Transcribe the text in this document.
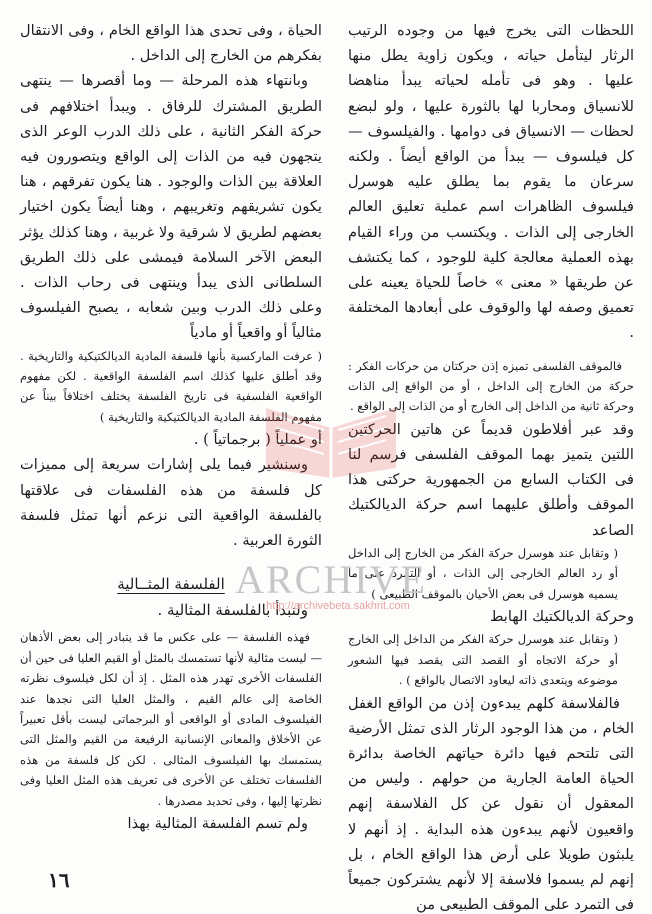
اللحظات التى يخرج فيها من وجوده الرتيب الرثار ليتأمل حياته ، ويكون زاوية يطل منها عليها . وهو فى تأمله لحياته يبدأ مناهضا للانسياق ومحاربا لها بالثورة عليها ، ولو لبضع لحظات — الانسياق فى دوامها . والفيلسوف — كل فيلسوف — يبدأ من الواقع أيضاً . ولكنه سرعان ما يقوم بما يطلق عليه هوسرل فيلسوف الظاهرات اسم عملية تعليق العالم الخارجى إلى الذات . ويكتسب من وراء القيام بهذه العملية معالجة كلية للوجود ، كما يكتشف عن طريقها « معنى » خاصاً للحياة يعينه على تعميق وصفه لها والوقوف على أبعادها المختلفة .

فالموقف الفلسفى تميزه إذن حركتان من حركات الفكر : حركة من الخارج إلى الداخل ، أو من الواقع إلى الذات وحركة ثانية من الداخل إلى الخارج أو من الذات إلى الواقع .

وقد عبر أفلاطون قديماً عن هاتين الحركتين اللتين يتميز بهما الموقف الفلسفى فرسم لنا فى الكتاب السابع من الجمهورية حركتى هذا الموقف وأطلق عليهما اسم حركة الديالكتيك الصاعد

( وتقابل عند هوسرل حركة الفكر من الخارج إلى الداخل أو رد العالم الخارجى إلى الذات ، أو التمرد على ما يسميه هوسرل فى بعض الأحيان بالموقف الطبيعى )

وحركة الديالكتيك الهابط

( وتقابل عند هوسرل حركة الفكر من الداخل إلى الخارج أو حركة الاتجاه أو القصد التى يقصد فيها الشعور موضوعه ويتعدى ذاته ليعاود الاتصال بالواقع ) .

فالفلاسفة كلهم يبدءون إذن من الواقع الغفل الخام ، من هذا الوجود الرثار الذى تمثل الأرضية التى تلتحم فيها دائرة حياتهم الخاصة بدائرة الحياة العامة الجارية من حولهم . وليس من المعقول أن نقول عن كل الفلاسفة إنهم واقعيون لأنهم يبدءون هذه البداية . إذ أنهم لا يلبثون طويلا على أرض هذا الواقع الخام ، بل إنهم لم يسموا فلاسفة إلا لأنهم يشتركون جميعاً فى التمرد على الموقف الطبيعى من

الحياة ، وفى تحدى هذا الواقع الخام ، وفى الانتقال بفكرهم من الخارج إلى الداخل .

وبانتهاء هذه المرحلة — وما أقصرها — ينتهى الطريق المشترك للرفاق . ويبدأ اختلافهم فى حركة الفكر الثانية ، على ذلك الدرب الوعر الذى يتجهون فيه من الذات إلى الواقع ويتصورون فيه العلاقة بين الذات والوجود . هنا يكون تفرقهم ، هنا يكون تشريقهم وتغريبهم ، وهنا أيضاً يكون اختيار بعضهم لطريق لا شرقية ولا غربية ، وهنا كذلك يؤثر البعض الآخر السلامة فيمشى على ذلك الطريق السلطانى الذى يبدأ وينتهى فى رحاب الذات . وعلى ذلك الدرب وبين شعابه ، يصبح الفيلسوف مثالياً أو واقعياً أو مادياً

( عرفت الماركسية بأنها فلسفة المادية الديالكتيكية والتاريخية . وقد أطلق عليها كذلك اسم الفلسفة الواقعية . لكن مفهوم الواقعية الفلسفية فى تاريخ الفلسفة يختلف اختلافاً بيناً عن مفهوم الفلسفة المادية الديالكتيكية والتاريخية )

أو عملياً ( برجماتياً ) .

وسنشير فيما يلى إشارات سريعة إلى مميزات كل فلسفة من هذه الفلسفات فى علاقتها بالفلسفة الواقعية التى نزعم أنها تمثل فلسفة الثورة العربية .

الفلسفة المثــالية

ولنبدأ بالفلسفة المثالية .

فهذه الفلسفة — على عكس ما قد يتبادر إلى بعض الأذهان — ليست مثالية لأنها تستمسك بالمثل أو القيم العليا فى حين أن الفلسفات الأخرى تهدر هذه المثل . إذ أن لكل فيلسوف نظرته الخاصة إلى عالم القيم ، والمثل العليا التى نجدها عند الفيلسوف المادى أو الواقعى أو البرجماتى ليست بأقل تعبيراً عن الأخلاق والمعانى الإنسانية الرفيعة من القيم والمثل التى يستمسك بها الفيلسوف المثالى . لكن كل فلسفة من هذه الفلسفات تختلف عن الأخرى فى تعريف هذه المثل العليا وفى نظرتها إليها ، وفى تحديد مصدرها .

ولم تسم الفلسفة المثالية بهذا

ARCHIVE
http://archivebeta.sakhrit.com
١٦
